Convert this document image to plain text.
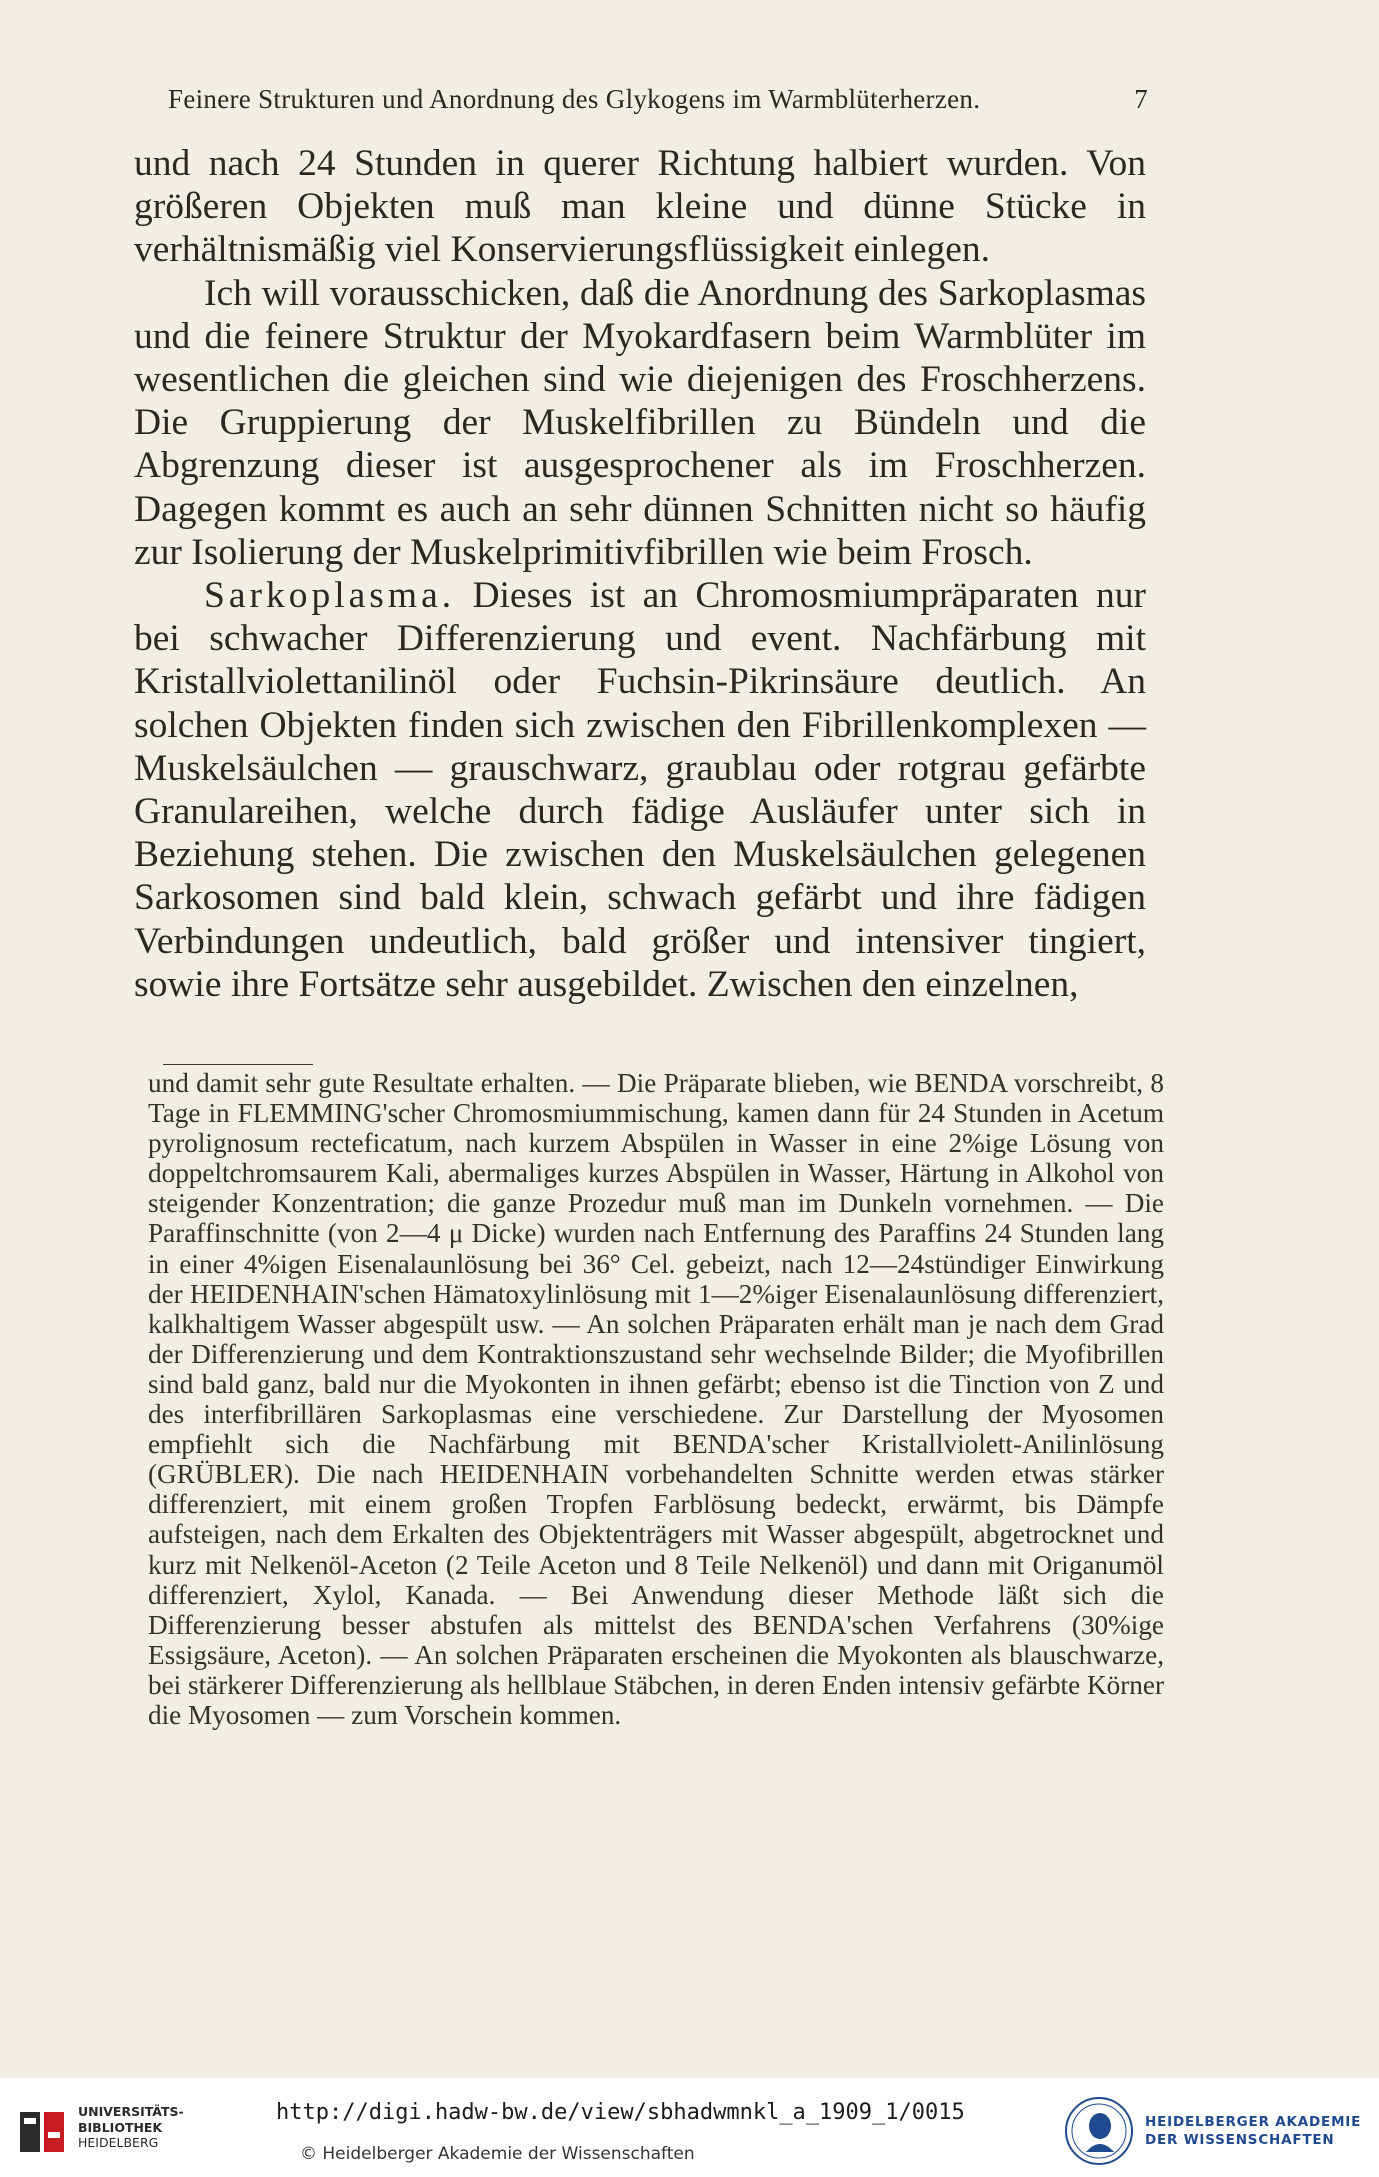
Feinere Strukturen und Anordnung des Glykogens im Warmblüterherzen.	7

und nach 24 Stunden in querer Richtung halbiert wurden. Von größeren Objekten muß man kleine und dünne Stücke in verhältnismäßig viel Konservierungsflüssigkeit einlegen.

Ich will vorausschicken, daß die Anordnung des Sarkoplasmas und die feinere Struktur der Myokardfasern beim Warmblüter im wesentlichen die gleichen sind wie diejenigen des Froschherzens. Die Gruppierung der Muskelfibrillen zu Bündeln und die Abgrenzung dieser ist ausgesprochener als im Froschherzen. Dagegen kommt es auch an sehr dünnen Schnitten nicht so häufig zur Isolierung der Muskelprimitivfibrillen wie beim Frosch.

Sarkoplasma. Dieses ist an Chromosmiumpräparaten nur bei schwacher Differenzierung und event. Nachfärbung mit Kristallviolettanilinöl oder Fuchsin-Pikrinsäure deutlich. An solchen Objekten finden sich zwischen den Fibrillenkomplexen — Muskelsäulchen — grauschwarz, graublau oder rotgrau gefärbte Granulareihen, welche durch fädige Ausläufer unter sich in Beziehung stehen. Die zwischen den Muskelsäulchen gelegenen Sarkosomen sind bald klein, schwach gefärbt und ihre fädigen Verbindungen undeutlich, bald größer und intensiver tingiert, sowie ihre Fortsätze sehr ausgebildet. Zwischen den einzelnen,

und damit sehr gute Resultate erhalten. — Die Präparate blieben, wie BENDA vorschreibt, 8 Tage in FLEMMING'scher Chromosmiummischung, kamen dann für 24 Stunden in Acetum pyrolignosum recteficatum, nach kurzem Abspülen in Wasser in eine 2%ige Lösung von doppeltchromsaurem Kali, abermaliges kurzes Abspülen in Wasser, Härtung in Alkohol von steigender Konzentration; die ganze Prozedur muß man im Dunkeln vornehmen. — Die Paraffinschnitte (von 2—4 μ Dicke) wurden nach Entfernung des Paraffins 24 Stunden lang in einer 4%igen Eisenalaunlösung bei 36° Cel. gebeizt, nach 12—24stündiger Einwirkung der HEIDENHAIN'schen Hämatoxylinlösung mit 1—2%iger Eisenalaunlösung differenziert, kalkhaltigem Wasser abgespült usw. — An solchen Präparaten erhält man je nach dem Grad der Differenzierung und dem Kontraktionszustand sehr wechselnde Bilder; die Myofibrillen sind bald ganz, bald nur die Myokonten in ihnen gefärbt; ebenso ist die Tinction von Z und des interfibrillären Sarkoplasmas eine verschiedene. Zur Darstellung der Myosomen empfiehlt sich die Nachfärbung mit BENDA'scher Kristallviolett-Anilinlösung (GRÜBLER). Die nach HEIDENHAIN vorbehandelten Schnitte werden etwas stärker differenziert, mit einem großen Tropfen Farblösung bedeckt, erwärmt, bis Dämpfe aufsteigen, nach dem Erkalten des Objektenträgers mit Wasser abgespült, abgetrocknet und kurz mit Nelkenöl-Aceton (2 Teile Aceton und 8 Teile Nelkenöl) und dann mit Origanumöl differenziert, Xylol, Kanada. — Bei Anwendung dieser Methode läßt sich die Differenzierung besser abstufen als mittelst des BENDA'schen Verfahrens (30%ige Essigsäure, Aceton). — An solchen Präparaten erscheinen die Myokonten als blauschwarze, bei stärkerer Differenzierung als hellblaue Stäbchen, in deren Enden intensiv gefärbte Körner die Myosomen — zum Vorschein kommen.

UNIVERSITÄTS-
BIBLIOTHEK
HEIDELBERG
http://digi.hadw-bw.de/view/sbhadwmnkl_a_1909_1/0015
© Heidelberger Akademie der Wissenschaften
HEIDELBERGER AKADEMIE
DER WISSENSCHAFTEN
